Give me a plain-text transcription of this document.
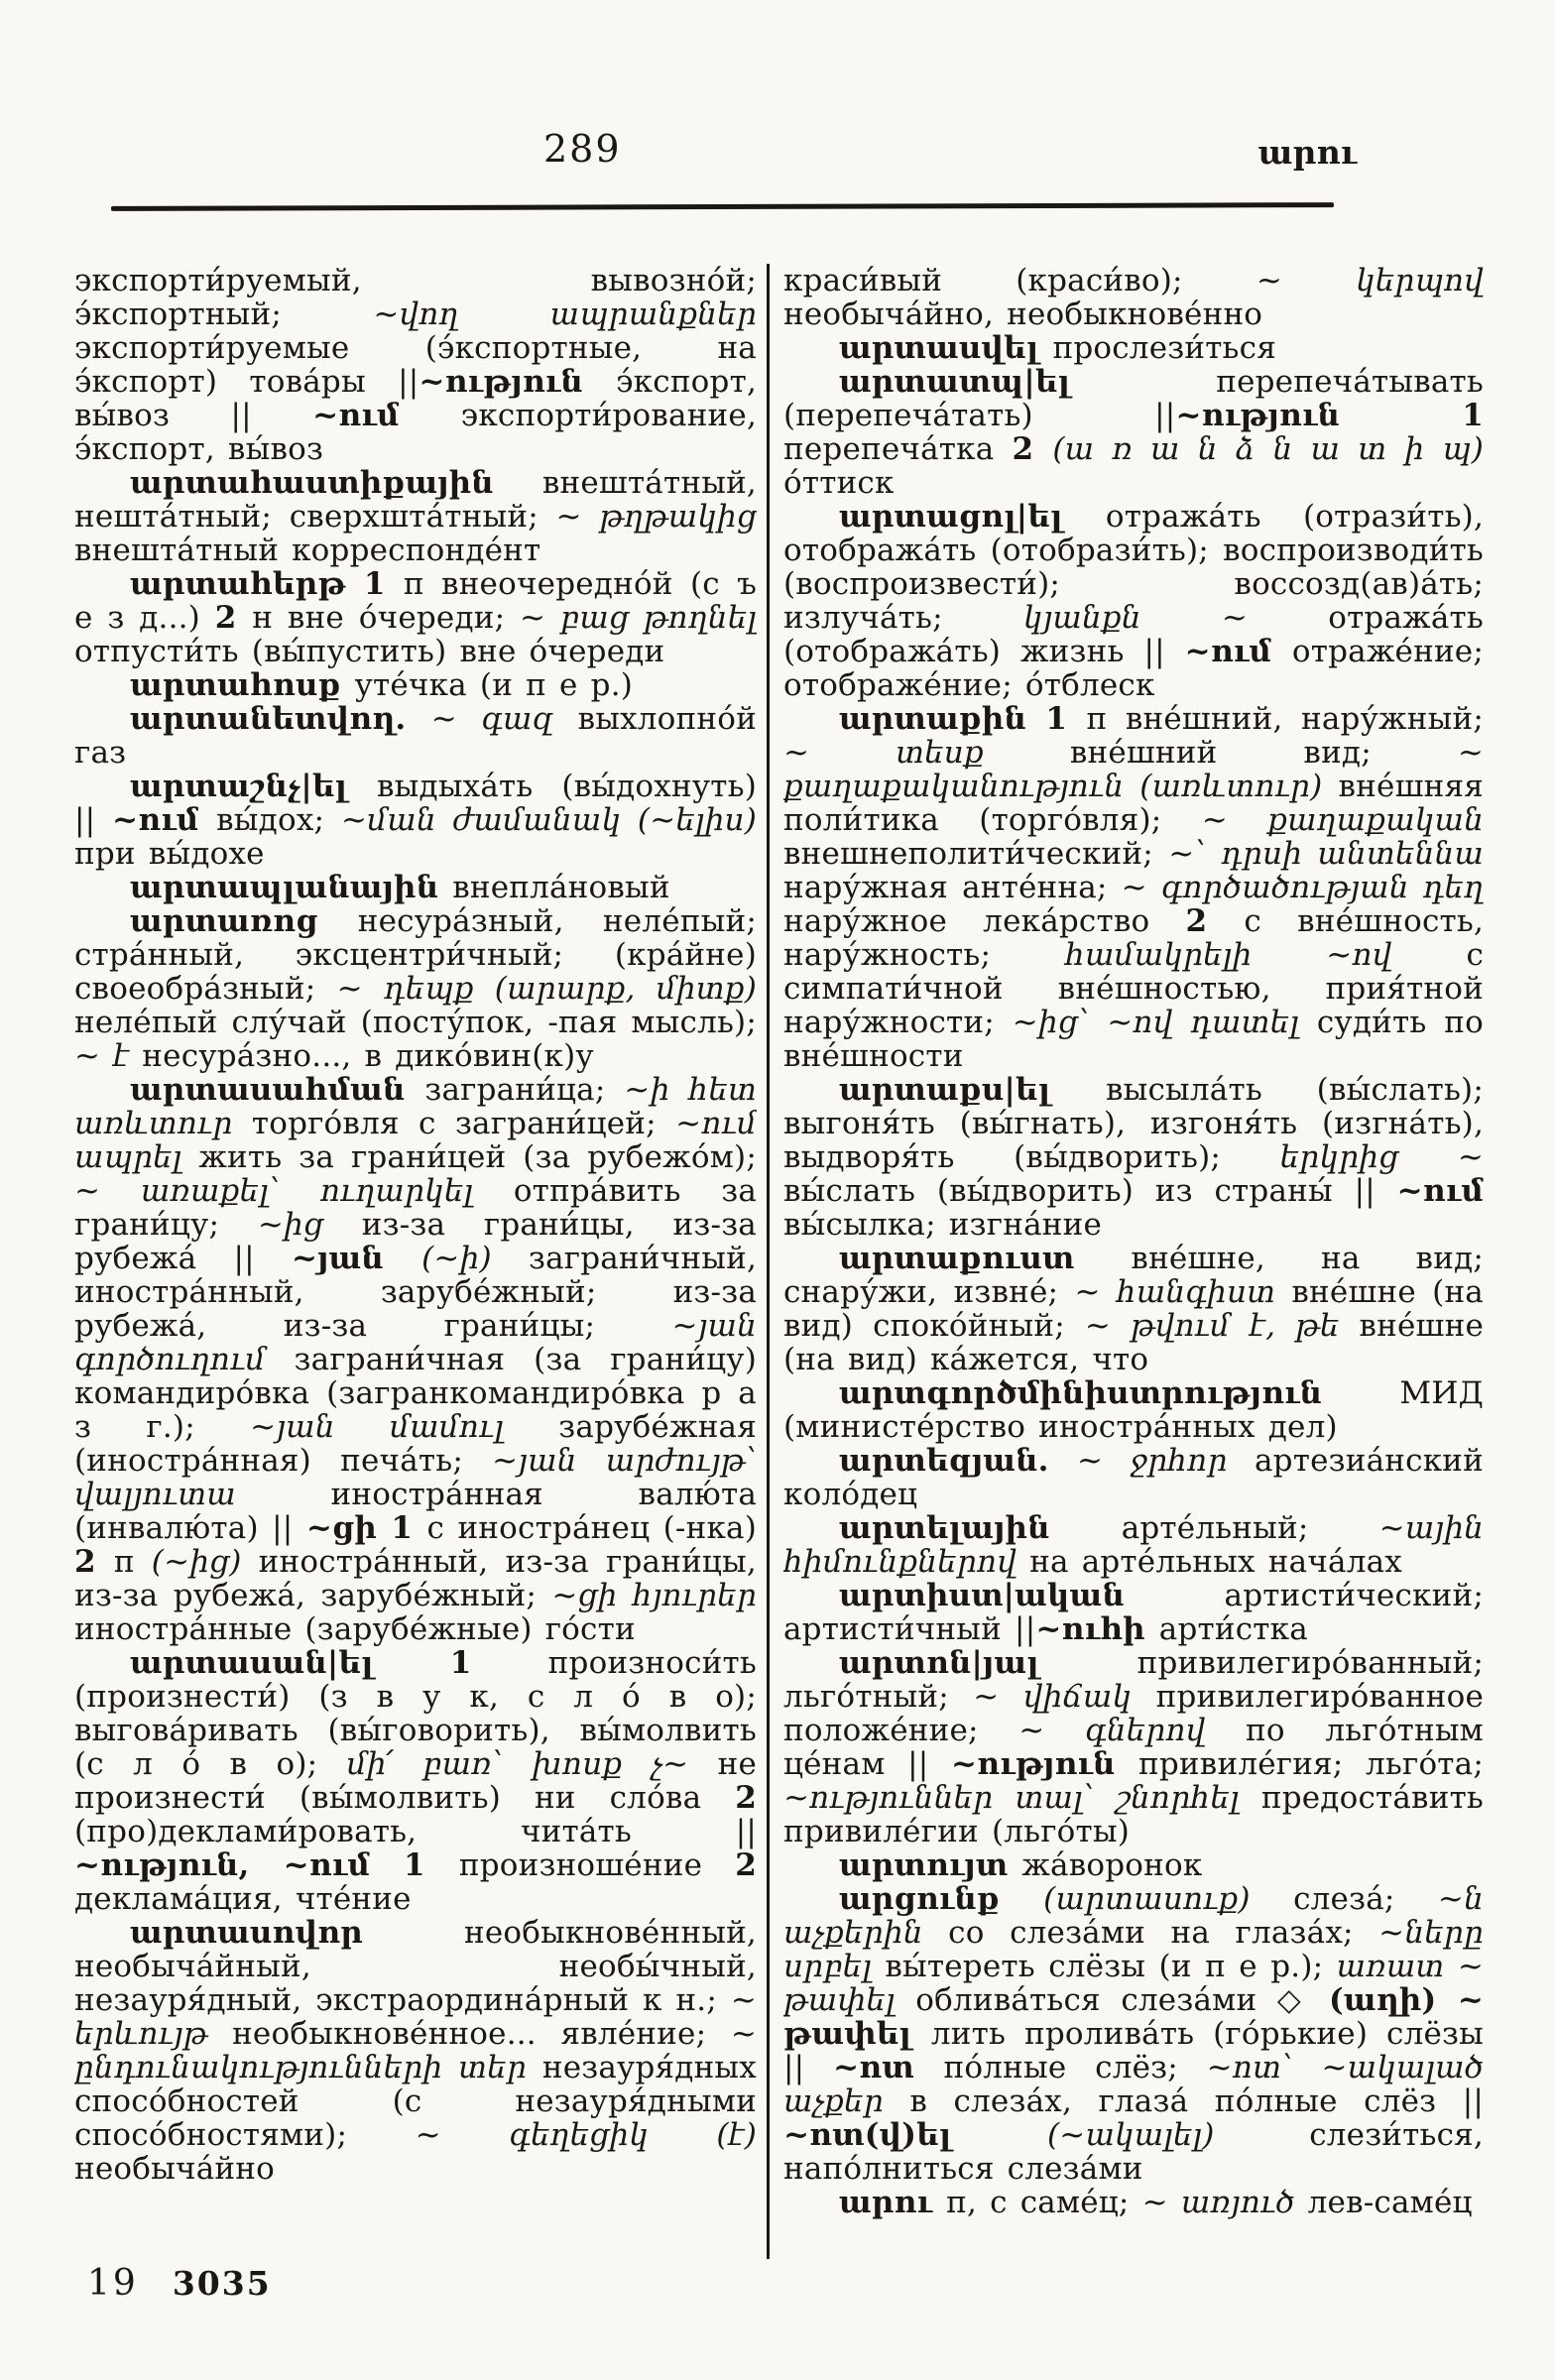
289	արու

экспорти́руемый, вывозно́й; э́кспортный; ~վող ապրանքներ экспорти́руемые (э́кспортные, на э́кспорт) това́ры ||~ություն э́кспорт, вы́воз || ~ում экспорти́рование, э́кспорт, вы́воз

արտահաստիքային внешта́тный, нешта́тный; сверхшта́тный; ~ թղթակից внешта́тный корреспонде́нт

արտահերթ 1 п внеочередно́й (с ъ е з д...) 2 н вне о́череди; ~ բաց թողնել отпусти́ть (вы́пустить) вне о́череди

արտահոսք уте́чка (и п е р.)

արտանետվող. ~ գազ выхлопно́й газ

արտաշնչ|ել выдыха́ть (вы́дохнуть) || ~ում вы́дох; ~ման ժամանակ (~ելիս) при вы́дохе

արտապլանային внепла́новый

արտառոց несура́зный, неле́пый; стра́нный, эксцентри́чный; (кра́йне) своеобра́зный; ~ դեպք (արարք, միտք) неле́пый слу́чай (посту́пок, -пая мысль); ~ է несура́зно..., в дико́вин(к)у

արտասահման заграни́ца; ~ի հետ առևտուր торго́вля с заграни́цей; ~ում ապրել жить за грани́цей (за рубежо́м); ~ առաքել՝ ուղարկել отпра́вить за грани́цу; ~ից из-за грани́цы, из-за рубежа́ || ~յան (~ի) заграни́чный, иностра́нный, зарубе́жный; из-за рубежа́, из-за грани́цы; ~յան գործուղում заграни́чная (за грани́цу) командиро́вка (загранкомандиро́вка р а з г.); ~յան մամուլ зарубе́жная (иностра́нная) печа́ть; ~յան արժույթ՝ վալյուտա иностра́нная валю́та (инвалю́та) || ~ցի 1 с иностра́нец (-нка) 2 п (~ից) иностра́нный, из-за грани́цы, из-за рубежа́, зарубе́жный; ~ցի հյուրեր иностра́нные (зарубе́жные) го́сти

արտասան|ել 1 произноси́ть (произнести́) (з в у к, с л о́ в о); выгова́ривать (вы́говорить), вы́молвить (с л о́ в о); մի՛ բառ՝ խոսք չ~ не произнести́ (вы́молвить) ни сло́ва 2 (про)деклами́ровать, чита́ть || ~ություն, ~ում 1 произноше́ние 2 деклама́ция, чте́ние

արտասովոր необыкнове́нный, необыча́йный, необы́чный, незауря́дный, экстраордина́рный к н.; ~ երևույթ необыкнове́нное... явле́ние; ~ ընդունակությունների տեր незауря́дных спосо́бностей (с незауря́дными спосо́бностями); ~ գեղեցիկ (է) необыча́йно

краси́вый (краси́во); ~ կերպով необыча́йно, необыкнове́нно

արտասվել прослези́ться

արտատպ|ել перепеча́тывать (перепеча́тать) ||~ություն 1 перепеча́тка 2 (ա ռ ա ն ձ ն ա տ ի պ) о́ттиск

արտացոլ|ել отража́ть (отрази́ть), отобража́ть (отобрази́ть); воспроизводи́ть (воспроизвести́); воссозд(ав)а́ть; излуча́ть; կյանքն ~ отража́ть (отобража́ть) жизнь || ~ում отраже́ние; отображе́ние; о́тблеск

արտաքին 1 п вне́шний, нару́жный; ~ տեսք вне́шний вид; ~ քաղաքականություն (առևտուր) вне́шняя поли́тика (торго́вля); ~ քաղաքական внешнеполити́ческий; ~՝ դրսի անտեննա нару́жная анте́нна; ~ գործածության դեղ нару́жное лека́рство 2 с вне́шность, нару́жность; համակրելի ~ով с симпати́чной вне́шностью, прия́тной нару́жности; ~ից՝ ~ով դատել суди́ть по вне́шности

արտաքս|ել высыла́ть (вы́слать); выгоня́ть (вы́гнать), изгоня́ть (изгна́ть), выдворя́ть (вы́дворить); երկրից ~ вы́слать (вы́дворить) из страны́ || ~ում вы́сылка; изгна́ние

արտաքուստ вне́шне, на вид; снару́жи, извне́; ~ հանգիստ вне́шне (на вид) споко́йный; ~ թվում է, թե вне́шне (на вид) ка́жется, что

արտգործմինիստրություն МИД (министе́рство иностра́нных дел)

արտեզյան. ~ ջրհոր артезиа́нский коло́дец

արտելային арте́льный; ~ային հիմունքներով на арте́льных нача́лах

արտիստ|ական артисти́ческий; артисти́чный ||~ուհի арти́стка

արտոն|յալ привилегиро́ванный; льго́тный; ~ վիճակ привилегиро́ванное положе́ние; ~ գներով по льго́тным це́нам || ~ություն привиле́гия; льго́та; ~ություններ տալ՝ շնորհել предоста́вить привиле́гии (льго́ты)

արտույտ жа́воронок

արցունք (արտասուք) слеза́; ~ն աչքերին со слеза́ми на глаза́х; ~ները սրբել вы́тереть слёзы (и п е р.); առատ ~ թափել облива́ться слеза́ми ◇ (աղի) ~ թափել лить пролива́ть (го́рькие) слёзы || ~ոտ по́лные слёз; ~ոտ՝ ~ակալած աչքեր в слеза́х, глаза́ по́лные слёз || ~ոտ(վ)ել (~ակալել) слези́ться, напо́лниться слеза́ми

արու п, с саме́ц; ~ առյուծ лев-саме́ц

19 3035
